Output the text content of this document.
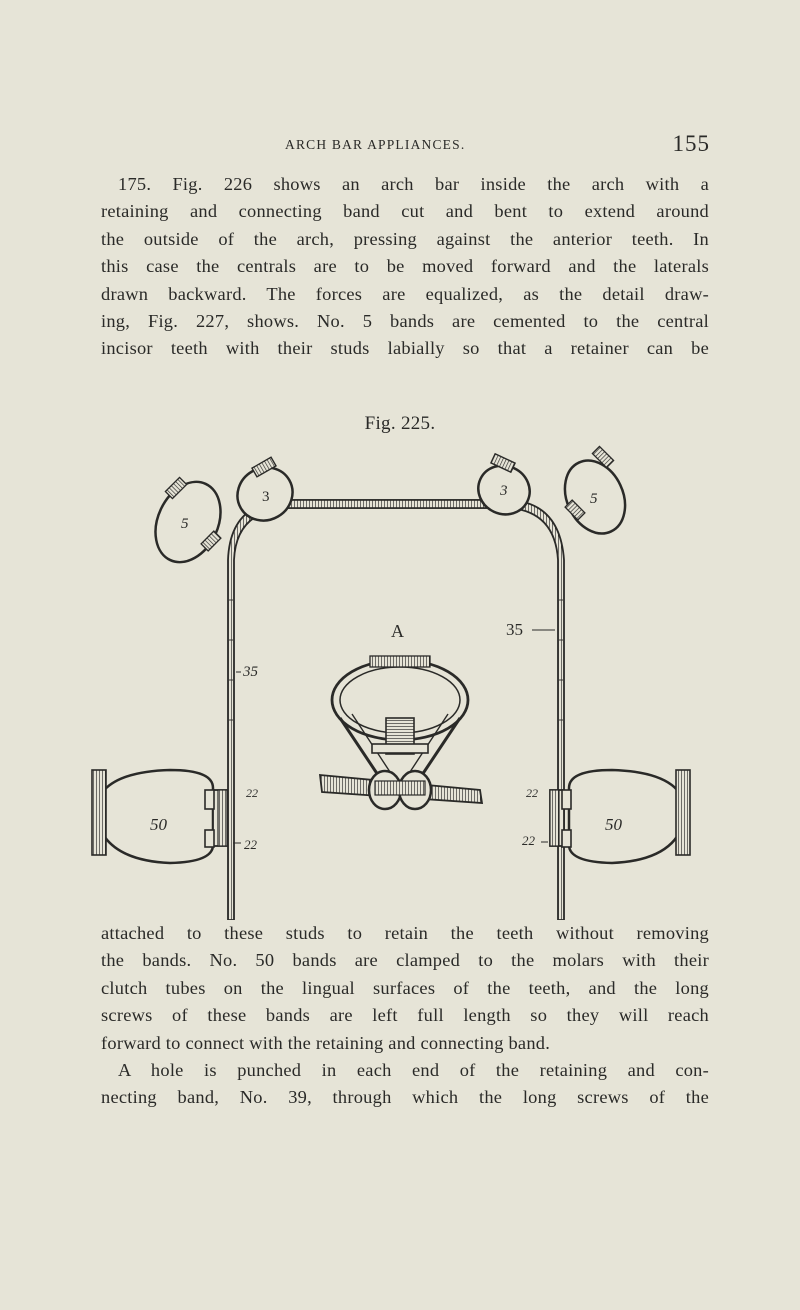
ARCH BAR APPLIANCES.	155
175. Fig. 226 shows an arch bar inside the arch with a
retaining and connecting band cut and bent to extend around
the outside of the arch, pressing against the anterior teeth. In
this case the centrals are to be moved forward and the laterals
drawn backward. The forces are equalized, as the detail draw-
ing, Fig. 227, shows. No. 5 bands are cemented to the central
incisor teeth with their studs labially so that a retainer can be
Fig. 225.
3
5
3	5
A
35
35
50
22
22
50
22
22
attached to these studs to retain the teeth without removing
the bands. No. 50 bands are clamped to the molars with their
clutch tubes on the lingual surfaces of the teeth, and the long
screws of these bands are left full length so they will reach
forward to connect with the retaining and connecting band.
A hole is punched in each end of the retaining and con-
necting band, No. 39, through which the long screws of the
